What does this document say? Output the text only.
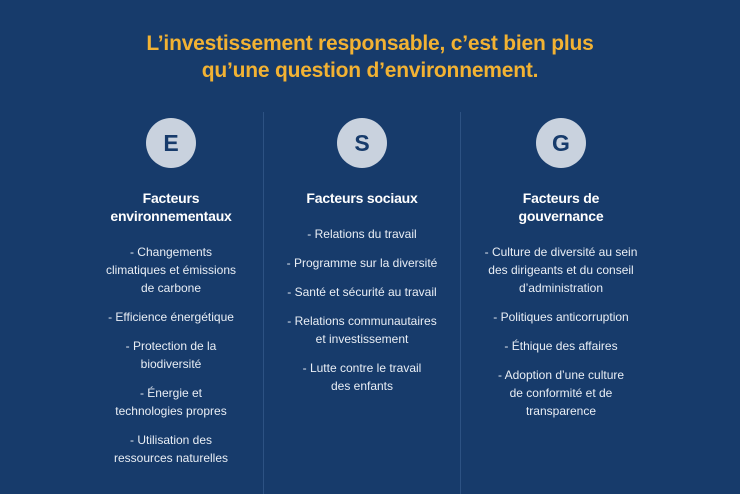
L’investissement responsable, c’est bien plus
qu’une question d’environnement.
E
Facteurs
environnementaux
- Changements
climatiques et émissions
de carbone
- Efficience énergétique
- Protection de la
biodiversité
- Énergie et
technologies propres
- Utilisation des
ressources naturelles
S
Facteurs sociaux
- Relations du travail
- Programme sur la diversité
- Santé et sécurité au travail
- Relations communautaires
et investissement
- Lutte contre le travail
des enfants
G
Facteurs de
gouvernance
- Culture de diversité au sein
des dirigeants et du conseil
d’administration
- Politiques anticorruption
- Éthique des affaires
- Adoption d’une culture
de conformité et de
transparence
